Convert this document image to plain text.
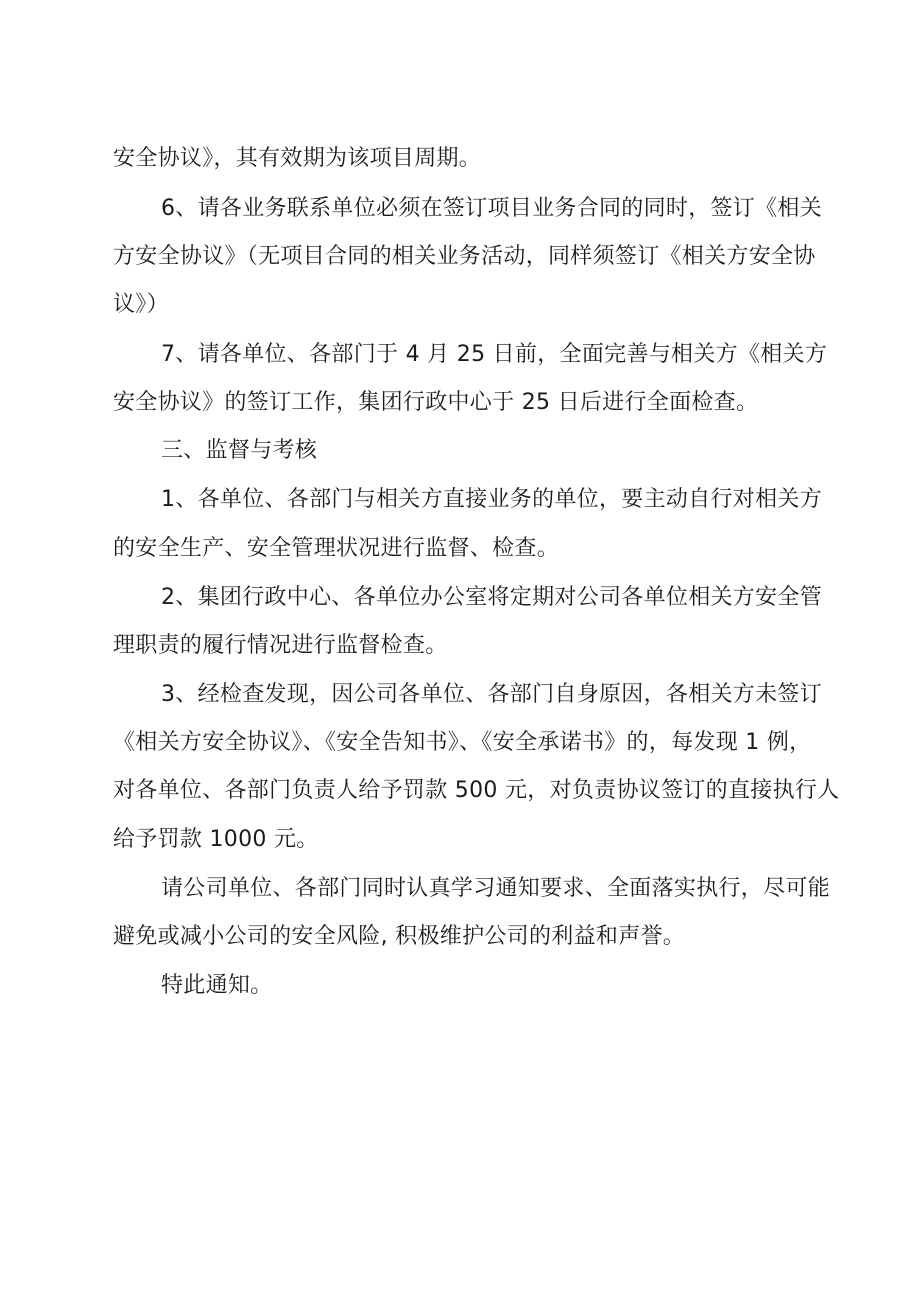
安全协议》，其有效期为该项目周期。

6、请各业务联系单位必须在签订项目业务合同的同时，签订《相关

方安全协议》（无项目合同的相关业务活动，同样须签订《相关方安全协

议》）

7、请各单位、各部门于 4 月 25 日前，全面完善与相关方《相关方

安全协议》的签订工作，集团行政中心于 25 日后进行全面检查。

三、监督与考核

1、各单位、各部门与相关方直接业务的单位，要主动自行对相关方

的安全生产、安全管理状况进行监督、检查。

2、集团行政中心、各单位办公室将定期对公司各单位相关方安全管

理职责的履行情况进行监督检查。

3、经检查发现，因公司各单位、各部门自身原因，各相关方未签订

《相关方安全协议》、《安全告知书》、《安全承诺书》的，每发现 1 例，

对各单位、各部门负责人给予罚款 500 元，对负责协议签订的直接执行人

给予罚款 1000 元。

请公司单位、各部门同时认真学习通知要求、全面落实执行，尽可能

避免或减小公司的安全风险, 积极维护公司的利益和声誉。

特此通知。
